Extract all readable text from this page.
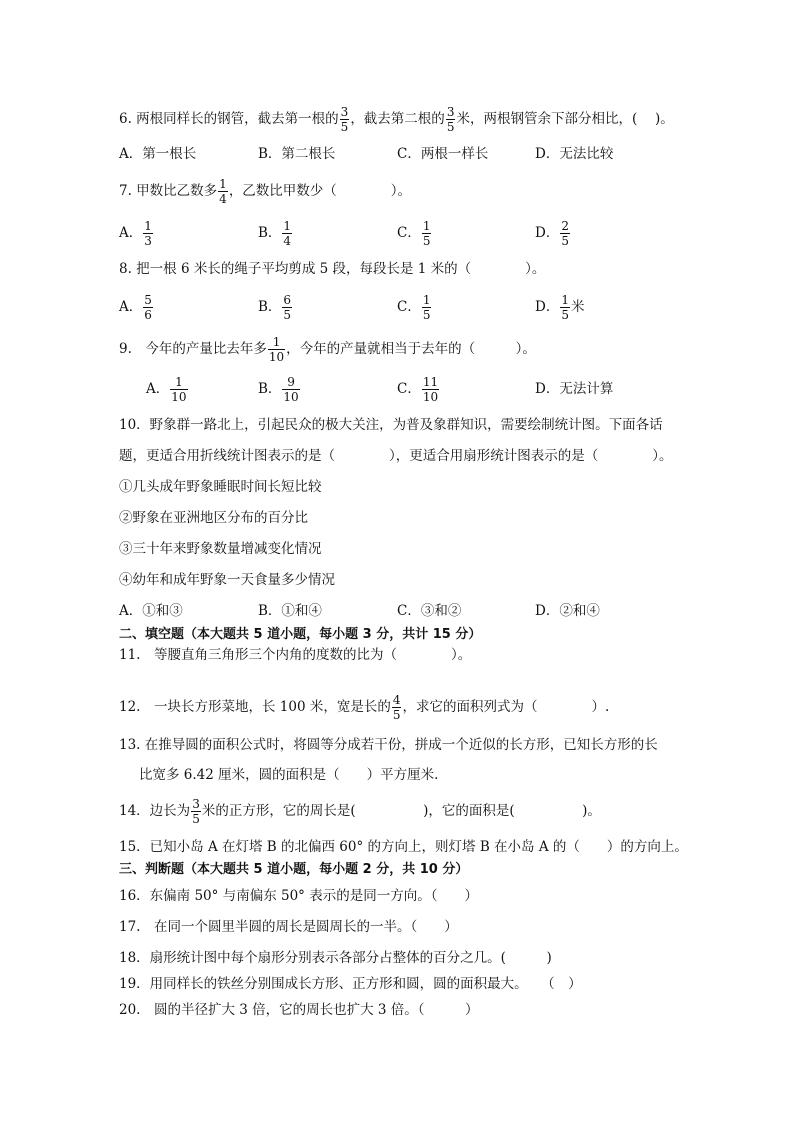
6. 两根同样长的钢管，截去第一根的 $\frac{3}{5}$ ，截去第二根的 $\frac{3}{5}$ 米，两根钢管余下部分相比，(　 )。
A．第一根长	B．第二根长	C．两根一样长	D．无法比较
7. 甲数比乙数多 $\frac{1}{4}$ ，乙数比甲数少（　　　　）。
A． $\frac{1}{3}$	B． $\frac{1}{4}$	C． $\frac{1}{5}$	D． $\frac{2}{5}$
8. 把一根 6 米长的绳子平均剪成 5 段，每段长是 1 米的（　　　　）。
A． $\frac{5}{6}$	B． $\frac{6}{5}$	C． $\frac{1}{5}$	D． $\frac{1}{5}$ 米
9.　今年的产量比去年多 $\frac{1}{10}$ ，今年的产量就相当于去年的（　　　）。
A． $\frac{1}{10}$	B． $\frac{9}{10}$	C． $\frac{11}{10}$	D．无法计算
10．野象群一路北上，引起民众的极大关注，为普及象群知识，需要绘制统计图。下面各话
题，更适合用折线统计图表示的是（　　　　），更适合用扇形统计图表示的是（　　　　）。
①几头成年野象睡眠时间长短比较
②野象在亚洲地区分布的百分比
③三十年来野象数量增减变化情况
④幼年和成年野象一天食量多少情况
A．①和③	B．①和④	C．③和②	D．②和④
二、填空题（本大题共 5 道小题，每小题 3 分，共计 15 分）
11.　等腰直角三角形三个内角的度数的比为（　　　　）。
12.　一块长方形菜地，长 100 米，宽是长的 $\frac{4}{5}$ ，求它的面积列式为（　　　　）.
13. 在推导圆的面积公式时，将圆等分成若干份，拼成一个近似的长方形，已知长方形的长
比宽多 6.42 厘米，圆的面积是（　　）平方厘米.
14．边长为 $\frac{3}{5}$ 米的正方形，它的周长是(　　　　　)，它的面积是(　　　　　)。
15．已知小岛 A 在灯塔 B 的北偏西 60° 的方向上，则灯塔 B 在小岛 A 的（　　）的方向上。
三、判断题（本大题共 5 道小题，每小题 2 分，共 10 分）
16．东偏南 50° 与南偏东 50° 表示的是同一方向。（　　）
17.　在同一个圆里半圆的周长是圆周长的一半。（　　）
18．扇形统计图中每个扇形分别表示各部分占整体的百分之几。(　　　)
19．用同样长的铁丝分别围成长方形、正方形和圆，圆的面积最大。　　（　）
20.　圆的半径扩大 3 倍，它的周长也扩大 3 倍。（　　　）
